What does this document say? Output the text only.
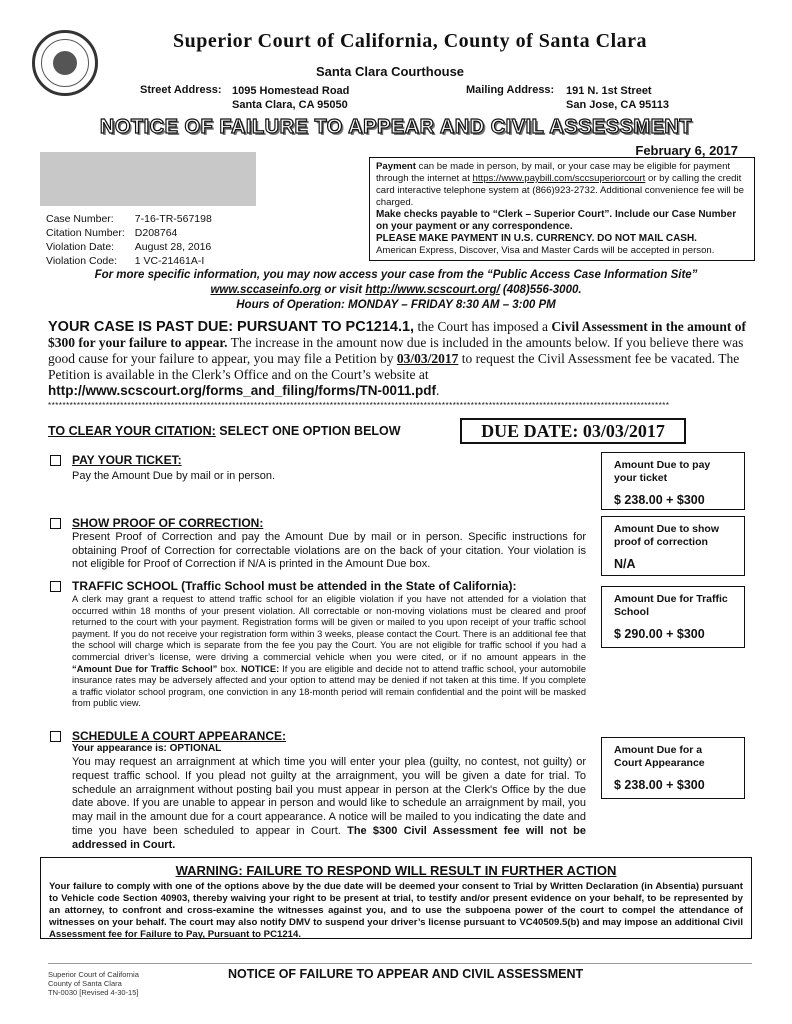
Superior Court of California, County of Santa Clara
Santa Clara Courthouse
Street Address: 1095 Homestead Road
Santa Clara, CA 95050
Mailing Address: 191 N. 1st Street
San Jose, CA 95113
NOTICE OF FAILURE TO APPEAR AND CIVIL ASSESSMENT
February 6, 2017
Case Number:	7-16-TR-567198
Citation Number:	D208764
Violation Date:	August 28, 2016
Violation Code:	1 VC-21461A-I
Payment can be made in person, by mail, or your case may be eligible for payment through the internet at https://www.paybill.com/sccsuperiorcourt or by calling the credit card interactive telephone system at (866)923-2732. Additional convenience fee will be charged.
Make checks payable to “Clerk – Superior Court”. Include our Case Number on your payment or any correspondence.
PLEASE MAKE PAYMENT IN U.S. CURRENCY. DO NOT MAIL CASH.
American Express, Discover, Visa and Master Cards will be accepted in person.
For more specific information, you may now access your case from the “Public Access Case Information Site”
www.sccaseinfo.org or visit http://www.scscourt.org/ (408)556-3000.
Hours of Operation: MONDAY – FRIDAY 8:30 AM – 3:00 PM
YOUR CASE IS PAST DUE: PURSUANT TO PC1214.1, the Court has imposed a Civil Assessment in the amount of $300 for your failure to appear. The increase in the amount now due is included in the amounts below. If you believe there was good cause for your failure to appear, you may file a Petition by 03/03/2017 to request the Civil Assessment fee be vacated. The Petition is available in the Clerk’s Office and on the Court’s website at http://www.scscourt.org/forms_and_filing/forms/TN-0011.pdf.
****************************************************************************************************************************************************************************
TO CLEAR YOUR CITATION: SELECT ONE OPTION BELOW	DUE DATE: 03/03/2017
PAY YOUR TICKET:
Pay the Amount Due by mail or in person.
Amount Due to pay your ticket
$ 238.00 + $300
SHOW PROOF OF CORRECTION:
Present Proof of Correction and pay the Amount Due by mail or in person. Specific instructions for obtaining Proof of Correction for correctable violations are on the back of your citation. Your violation is not eligible for Proof of Correction if N/A is printed in the Amount Due box.
Amount Due to show proof of correction
N/A
TRAFFIC SCHOOL (Traffic School must be attended in the State of California):
A clerk may grant a request to attend traffic school for an eligible violation if you have not attended for a violation that occurred within 18 months of your present violation. All correctable or non-moving violations must be cleared and proof returned to the court with your payment. Registration forms will be given or mailed to you upon receipt of your traffic school payment. If you do not receive your registration form within 3 weeks, please contact the Court. There is an additional fee that the school will charge which is separate from the fee you pay the Court. You are not eligible for traffic school if you had a commercial driver’s license, were driving a commercial vehicle when you were cited, or if no amount appears in the “Amount Due for Traffic School” box. NOTICE: If you are eligible and decide not to attend traffic school, your automobile insurance rates may be adversely affected and your option to attend may be denied if not taken at this time. If you complete a traffic violator school program, one conviction in any 18-month period will remain confidential and the point will be masked from public view.
Amount Due for Traffic School
$ 290.00 + $300
SCHEDULE A COURT APPEARANCE:
Your appearance is: OPTIONAL
You may request an arraignment at which time you will enter your plea (guilty, no contest, not guilty) or request traffic school. If you plead not guilty at the arraignment, you will be given a date for trial. To schedule an arraignment without posting bail you must appear in person at the Clerk's Office by the due date above. If you are unable to appear in person and would like to schedule an arraignment by mail, you may mail in the amount due for a court appearance. A notice will be mailed to you indicating the date and time you have been scheduled to appear in Court. The $300 Civil Assessment fee will not be addressed in Court.
Amount Due for a Court Appearance
$ 238.00 + $300
WARNING: FAILURE TO RESPOND WILL RESULT IN FURTHER ACTION
Your failure to comply with one of the options above by the due date will be deemed your consent to Trial by Written Declaration (in Absentia) pursuant to Vehicle code Section 40903, thereby waiving your right to be present at trial, to testify and/or present evidence on your behalf, to be represented by an attorney, to confront and cross-examine the witnesses against you, and to use the subpoena power of the court to compel the attendance of witnesses on your behalf. The court may also notify DMV to suspend your driver’s license pursuant to VC40509.5(b) and may impose an additional Civil Assessment fee for Failure to Pay, Pursuant to PC1214.
Superior Court of California
County of Santa Clara
TN-0030 [Revised 4-30-15]
NOTICE OF FAILURE TO APPEAR AND CIVIL ASSESSMENT
